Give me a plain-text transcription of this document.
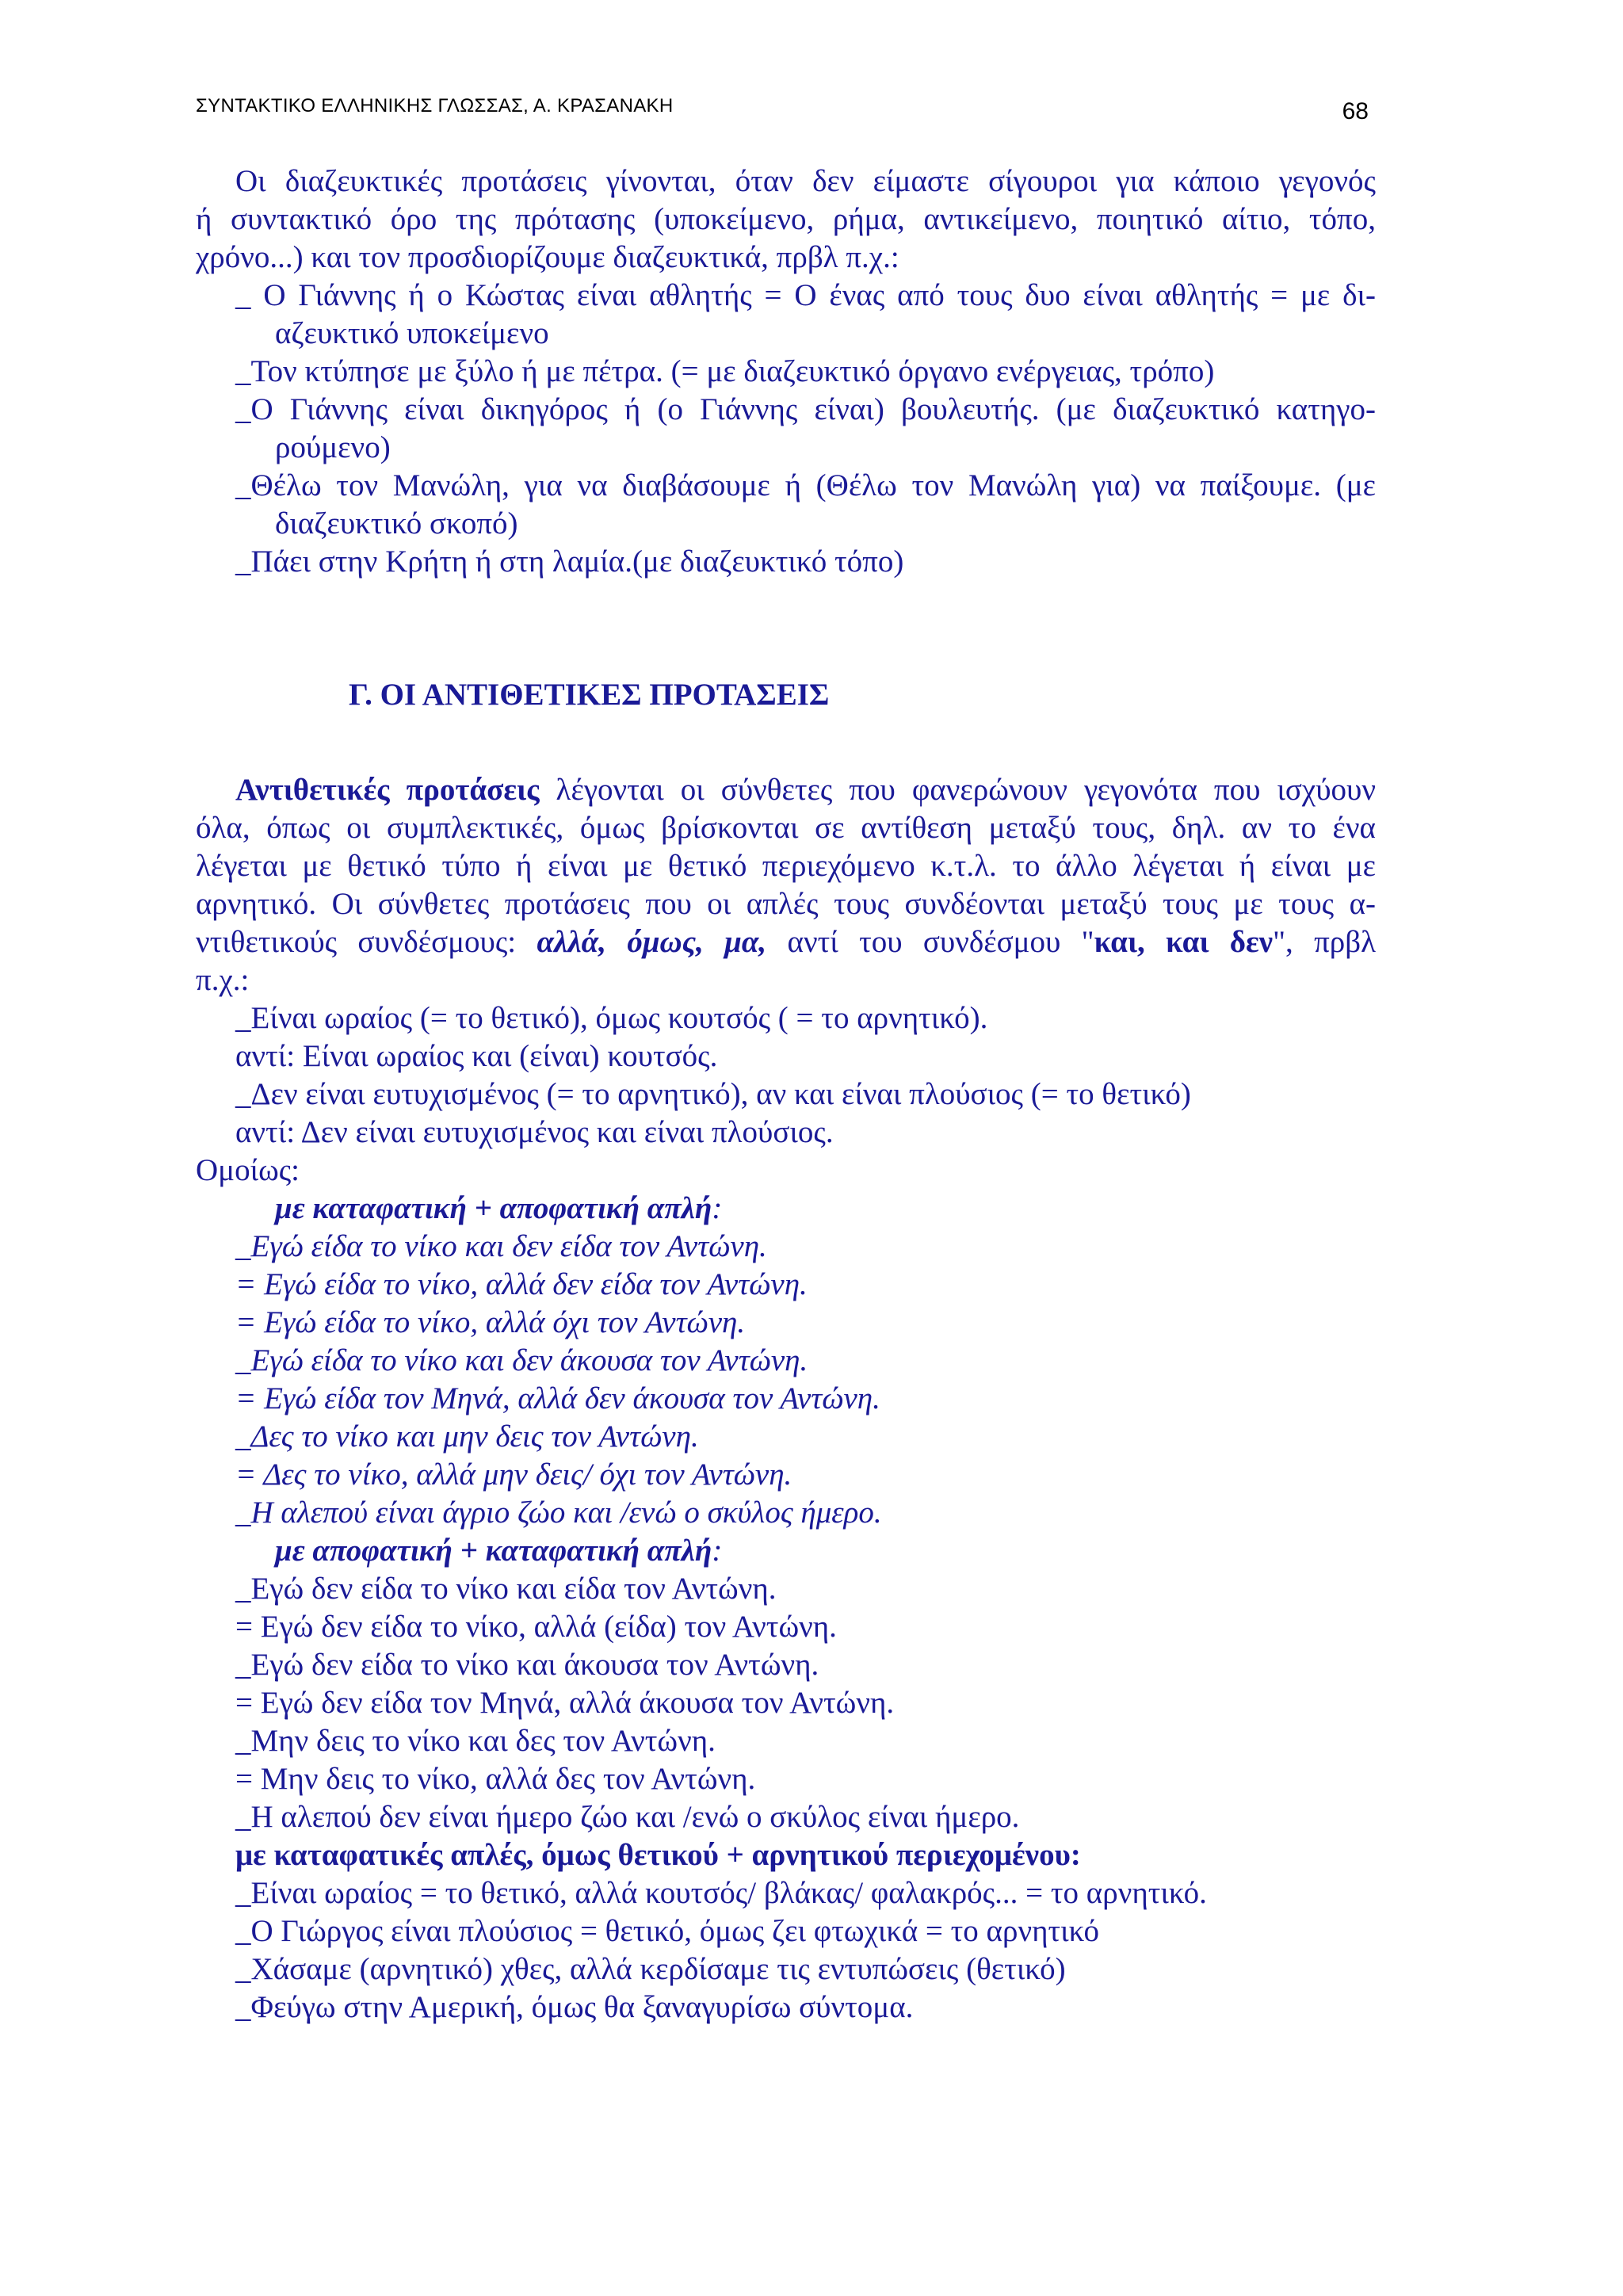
ΣΥΝΤΑΚΤΙΚΟ ΕΛΛΗΝΙΚΗΣ ΓΛΩΣΣΑΣ, Α. ΚΡΑΣΑΝΑΚΗ	68
Οι διαζευκτικές προτάσεις γίνονται, όταν δεν είμαστε σίγουροι για κάποιο γεγονός
ή συντακτικό όρο της πρότασης (υποκείμενο, ρήμα, αντικείμενο, ποιητικό αίτιο, τόπο,
χρόνο...) και τον προσδιορίζουμε διαζευκτικά, πρβλ π.χ.:
_ Ο Γιάννης ή ο Κώστας είναι αθλητής = Ο ένας από τους δυο είναι αθλητής = με δι-
αζευκτικό υποκείμενο
_Τον κτύπησε με ξύλο ή με πέτρα. (= με διαζευκτικό όργανο ενέργειας, τρόπο)
_Ο Γιάννης είναι δικηγόρος ή (ο Γιάννης είναι) βουλευτής. (με διαζευκτικό κατηγο-
ρούμενο)
_Θέλω τον Μανώλη, για να διαβάσουμε ή (Θέλω τον Μανώλη για) να παίξουμε. (με
διαζευκτικό σκοπό)
_Πάει στην Κρήτη ή στη λαμία.(με διαζευκτικό τόπο)
Γ. ΟΙ ΑΝΤΙΘΕΤΙΚΕΣ ΠΡΟΤΑΣΕΙΣ
Αντιθετικές προτάσεις λέγονται οι σύνθετες που φανερώνουν γεγονότα που ισχύουν
όλα, όπως οι συμπλεκτικές, όμως βρίσκονται σε αντίθεση μεταξύ τους, δηλ. αν το ένα
λέγεται με θετικό τύπο ή είναι με θετικό περιεχόμενο κ.τ.λ. το άλλο λέγεται ή είναι με
αρνητικό. Οι σύνθετες προτάσεις που οι απλές τους συνδέονται μεταξύ τους με τους α-
ντιθετικούς συνδέσμους: αλλά, όμως, μα, αντί του συνδέσμου "και, και δεν", πρβλ
π.χ.:
_Είναι ωραίος (= το θετικό), όμως κουτσός ( = το αρνητικό).
αντί: Είναι ωραίος και (είναι) κουτσός.
_Δεν είναι ευτυχισμένος (= το αρνητικό), αν και είναι πλούσιος (= το θετικό)
αντί: Δεν είναι ευτυχισμένος και είναι πλούσιος.
Ομοίως:
με καταφατική + αποφατική απλή:
_Εγώ είδα το νίκο και δεν είδα τον Αντώνη.
= Εγώ είδα το νίκο, αλλά δεν είδα τον Αντώνη.
= Εγώ είδα το νίκο, αλλά όχι τον Αντώνη.
_Εγώ είδα το νίκο και δεν άκουσα τον Αντώνη.
= Εγώ είδα τον Μηνά, αλλά δεν άκουσα τον Αντώνη.
_Δες το νίκο και μην δεις τον Αντώνη.
= Δες το νίκο, αλλά μην δεις/ όχι τον Αντώνη.
_Η αλεπού είναι άγριο ζώο και /ενώ ο σκύλος ήμερο.
με αποφατική + καταφατική απλή:
_Εγώ δεν είδα το νίκο και είδα τον Αντώνη.
= Εγώ δεν είδα το νίκο, αλλά (είδα) τον Αντώνη.
_Εγώ δεν είδα το νίκο και άκουσα τον Αντώνη.
= Εγώ δεν είδα τον Μηνά, αλλά άκουσα τον Αντώνη.
_Μην δεις το νίκο και δες τον Αντώνη.
= Μην δεις το νίκο, αλλά δες τον Αντώνη.
_Η αλεπού δεν είναι ήμερο ζώο και /ενώ ο σκύλος είναι ήμερο.
με καταφατικές απλές, όμως θετικού + αρνητικού περιεχομένου:
_Είναι ωραίος = το θετικό, αλλά κουτσός/ βλάκας/ φαλακρός... = το αρνητικό.
_Ο Γιώργος είναι πλούσιος = θετικό, όμως ζει φτωχικά = το αρνητικό
_Χάσαμε (αρνητικό) χθες, αλλά κερδίσαμε τις εντυπώσεις (θετικό)
_Φεύγω στην Αμερική, όμως θα ξαναγυρίσω σύντομα.
